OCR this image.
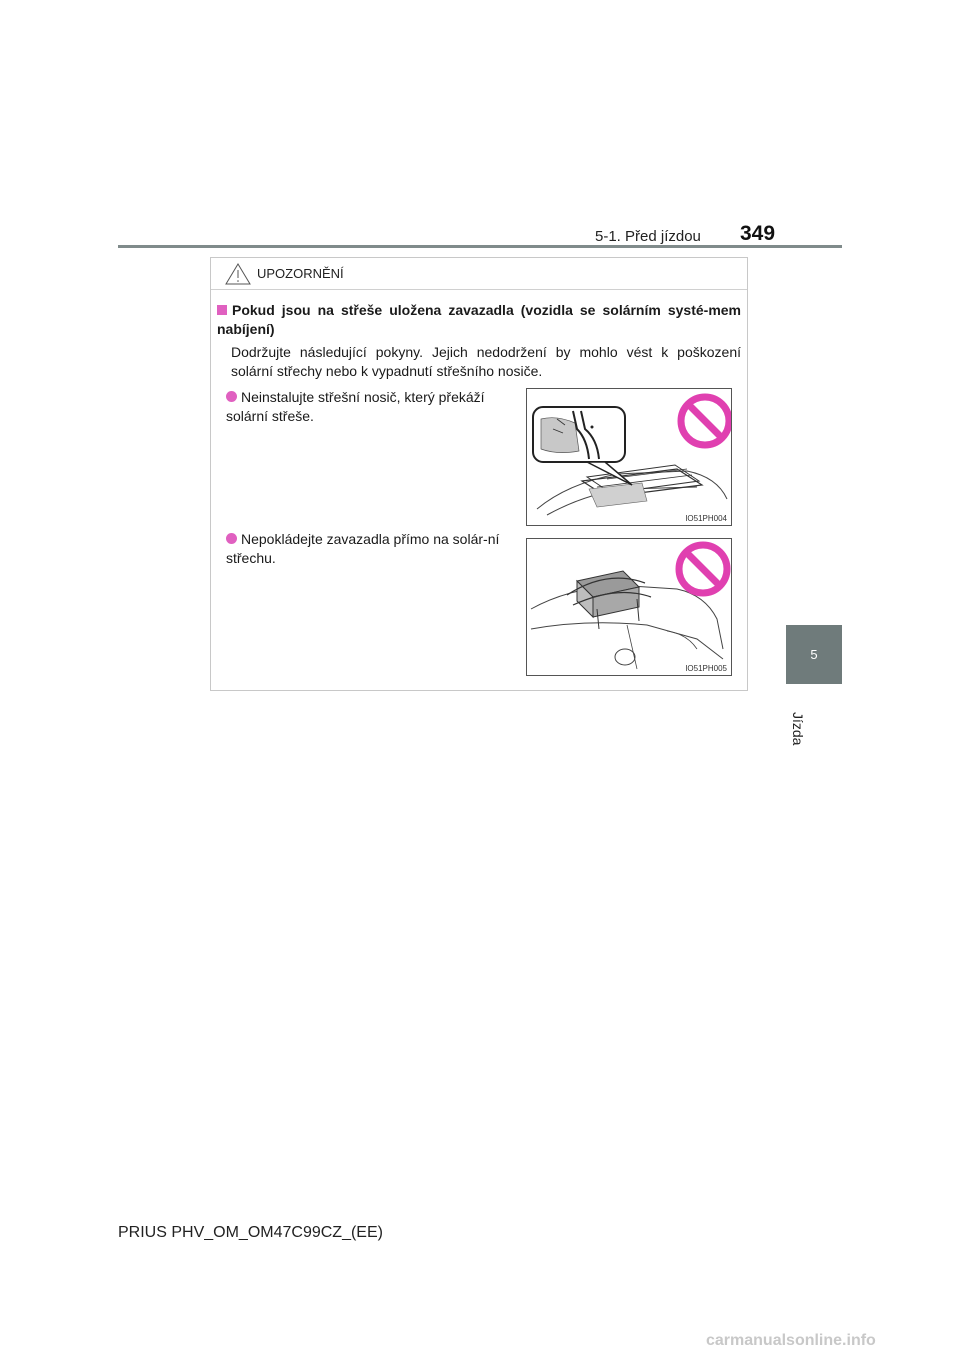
5-1. Před jízdou 349
5
Jízda
UPOZORNĚNÍ
Pokud jsou na střeše uložena zavazadla (vozidla se solárním systé-mem nabíjení)
Dodržujte následující pokyny. Jejich nedodržení by mohlo vést k poškození solární střechy nebo k vypadnutí střešního nosiče.
Neinstalujte střešní nosič, který překáží solární střeše.
IO51PH004
Nepokládejte zavazadla přímo na solár-ní střechu.
IO51PH005
PRIUS PHV_OM_OM47C99CZ_(EE)
carmanualsonline.info
